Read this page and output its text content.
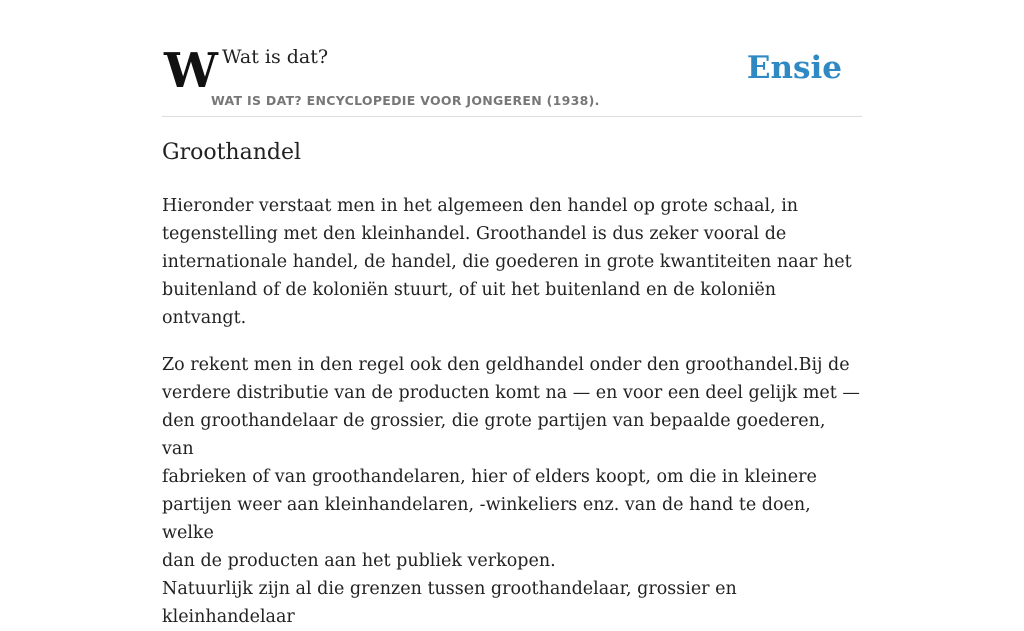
W Wat is dat?
WAT IS DAT? ENCYCLOPEDIE VOOR JONGEREN (1938).
Ensie
Groothandel

Hieronder verstaat men in het algemeen den handel op grote schaal, in
tegenstelling met den kleinhandel. Groothandel is dus zeker vooral de
internationale handel, de handel, die goederen in grote kwantiteiten naar het
buitenland of de koloniën stuurt, of uit het buitenland en de koloniën ontvangt.

Zo rekent men in den regel ook den geldhandel onder den groothandel.Bij de
verdere distributie van de producten komt na — en voor een deel gelijk met —
den groothandelaar de grossier, die grote partijen van bepaalde goederen, van
fabrieken of van groothandelaren, hier of elders koopt, om die in kleinere
partijen weer aan kleinhandelaren, -winkeliers enz. van de hand te doen, welke
dan de producten aan het publiek verkopen.

Natuurlijk zijn al die grenzen tussen groothandelaar, grossier en kleinhandelaar
